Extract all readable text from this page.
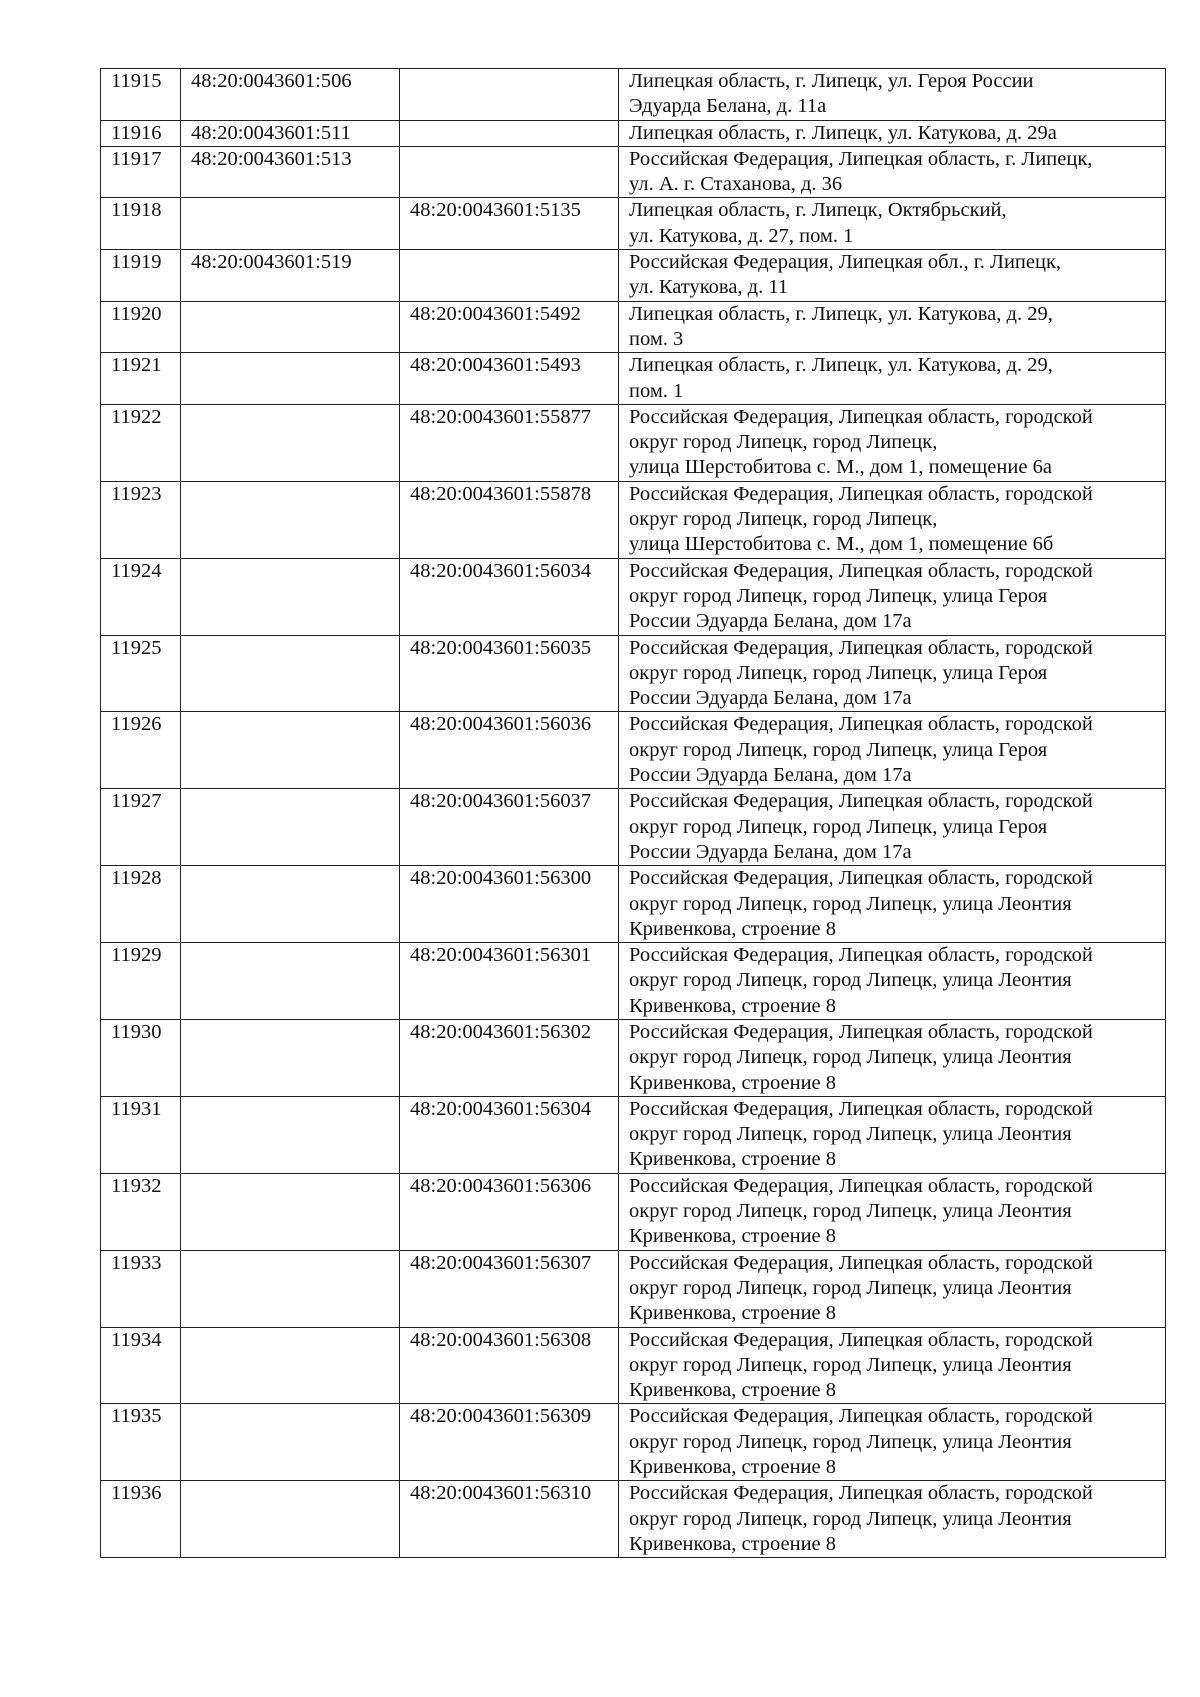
11915	48:20:0043601:506		Липецкая область, г. Липецк, ул. Героя России
Эдуарда Белана, д. 11а

11916	48:20:0043601:511		Липецкая область, г. Липецк, ул. Катукова, д. 29а

11917	48:20:0043601:513		Российская Федерация, Липецкая область, г. Липецк,
ул. А. г. Стаханова, д. 36

11918		48:20:0043601:5135	Липецкая область, г. Липецк, Октябрьский,
ул. Катукова, д. 27, пом. 1

11919	48:20:0043601:519		Российская Федерация, Липецкая обл., г. Липецк,
ул. Катукова, д. 11

11920		48:20:0043601:5492	Липецкая область, г. Липецк, ул. Катукова, д. 29,
пом. 3

11921		48:20:0043601:5493	Липецкая область, г. Липецк, ул. Катукова, д. 29,
пом. 1

11922		48:20:0043601:55877	Российская Федерация, Липецкая область, городской
округ город Липецк, город Липецк,
улица Шерстобитова с. М., дом 1, помещение 6а

11923		48:20:0043601:55878	Российская Федерация, Липецкая область, городской
округ город Липецк, город Липецк,
улица Шерстобитова с. М., дом 1, помещение 6б

11924		48:20:0043601:56034	Российская Федерация, Липецкая область, городской
округ город Липецк, город Липецк, улица Героя
России Эдуарда Белана, дом 17а

11925		48:20:0043601:56035	Российская Федерация, Липецкая область, городской
округ город Липецк, город Липецк, улица Героя
России Эдуарда Белана, дом 17а

11926		48:20:0043601:56036	Российская Федерация, Липецкая область, городской
округ город Липецк, город Липецк, улица Героя
России Эдуарда Белана, дом 17а

11927		48:20:0043601:56037	Российская Федерация, Липецкая область, городской
округ город Липецк, город Липецк, улица Героя
России Эдуарда Белана, дом 17а

11928		48:20:0043601:56300	Российская Федерация, Липецкая область, городской
округ город Липецк, город Липецк, улица Леонтия
Кривенкова, строение 8

11929		48:20:0043601:56301	Российская Федерация, Липецкая область, городской
округ город Липецк, город Липецк, улица Леонтия
Кривенкова, строение 8

11930		48:20:0043601:56302	Российская Федерация, Липецкая область, городской
округ город Липецк, город Липецк, улица Леонтия
Кривенкова, строение 8

11931		48:20:0043601:56304	Российская Федерация, Липецкая область, городской
округ город Липецк, город Липецк, улица Леонтия
Кривенкова, строение 8

11932		48:20:0043601:56306	Российская Федерация, Липецкая область, городской
округ город Липецк, город Липецк, улица Леонтия
Кривенкова, строение 8

11933		48:20:0043601:56307	Российская Федерация, Липецкая область, городской
округ город Липецк, город Липецк, улица Леонтия
Кривенкова, строение 8

11934		48:20:0043601:56308	Российская Федерация, Липецкая область, городской
округ город Липецк, город Липецк, улица Леонтия
Кривенкова, строение 8

11935		48:20:0043601:56309	Российская Федерация, Липецкая область, городской
округ город Липецк, город Липецк, улица Леонтия
Кривенкова, строение 8

11936		48:20:0043601:56310	Российская Федерация, Липецкая область, городской
округ город Липецк, город Липецк, улица Леонтия
Кривенкова, строение 8
